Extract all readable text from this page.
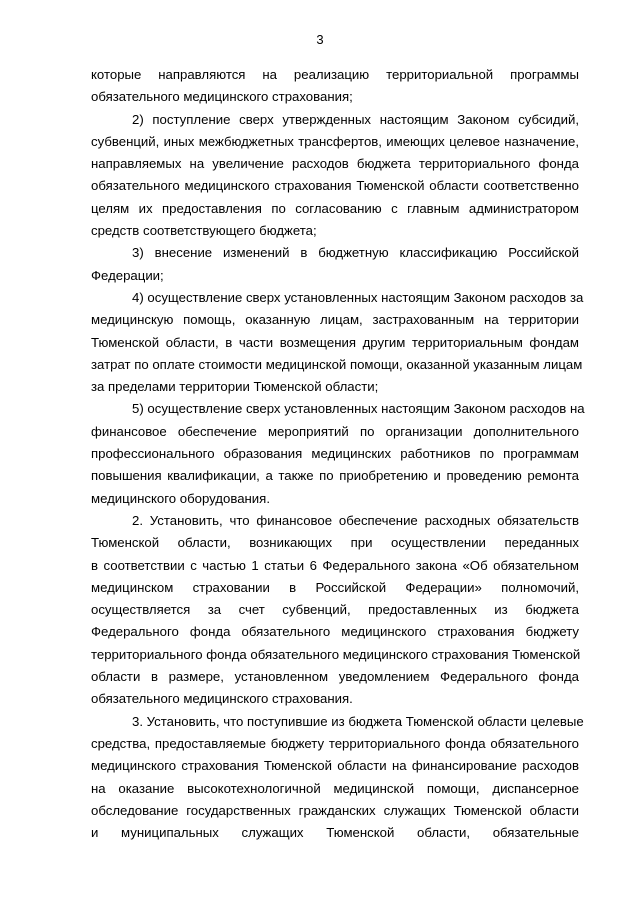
3
которые направляются на реализацию территориальной программы
обязательного медицинского страхования;
2) поступление сверх утвержденных настоящим Законом субсидий,
субвенций, иных межбюджетных трансфертов, имеющих целевое назначение,
направляемых на увеличение расходов бюджета территориального фонда
обязательного медицинского страхования Тюменской области соответственно
целям их предоставления по согласованию с главным администратором
средств соответствующего бюджета;
3) внесение изменений в бюджетную классификацию Российской
Федерации;
4) осуществление сверх установленных настоящим Законом расходов за
медицинскую помощь, оказанную лицам, застрахованным на территории
Тюменской области, в части возмещения другим территориальным фондам
затрат по оплате стоимости медицинской помощи, оказанной указанным лицам
за пределами территории Тюменской области;
5) осуществление сверх установленных настоящим Законом расходов на
финансовое обеспечение мероприятий по организации дополнительного
профессионального образования медицинских работников по программам
повышения квалификации, а также по приобретению и проведению ремонта
медицинского оборудования.
2. Установить, что финансовое обеспечение расходных обязательств
Тюменской области, возникающих при осуществлении переданных
в соответствии с частью 1 статьи 6 Федерального закона «Об обязательном
медицинском страховании в Российской Федерации» полномочий,
осуществляется за счет субвенций, предоставленных из бюджета
Федерального фонда обязательного медицинского страхования бюджету
территориального фонда обязательного медицинского страхования Тюменской
области в размере, установленном уведомлением Федерального фонда
обязательного медицинского страхования.
3. Установить, что поступившие из бюджета Тюменской области целевые
средства, предоставляемые бюджету территориального фонда обязательного
медицинского страхования Тюменской области на финансирование расходов
на оказание высокотехнологичной медицинской помощи, диспансерное
обследование государственных гражданских служащих Тюменской области
и муниципальных служащих Тюменской области, обязательные
